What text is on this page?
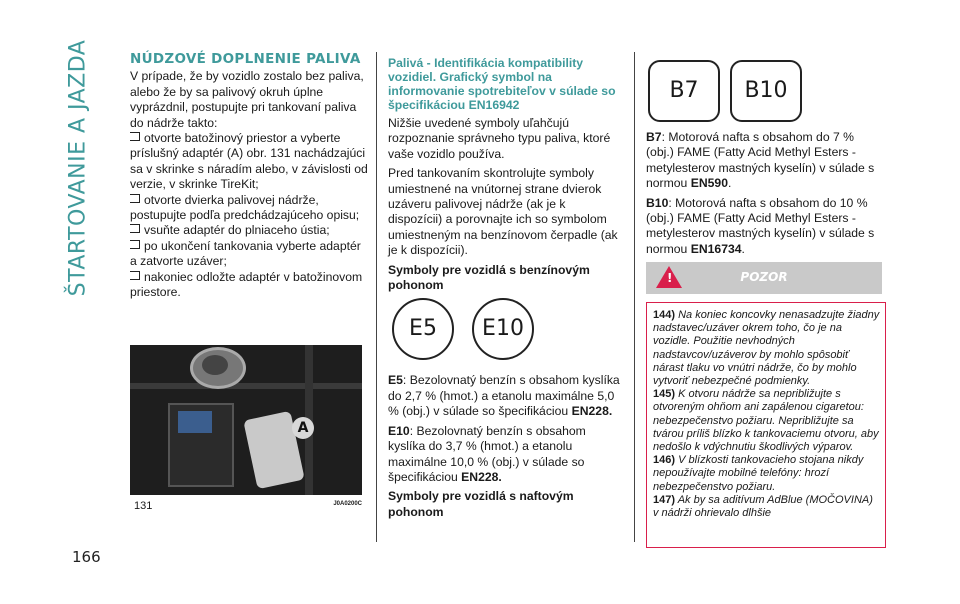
ŠTARTOVANIE A JAZDA
166
NÚDZOVÉ DOPLNENIE PALIVA

V prípade, že by vozidlo zostalo bez paliva, alebo že by sa palivový okruh úplne vyprázdnil, postupujte pri tankovaní paliva do nádrže takto:

otvorte batožinový priestor a vyberte príslušný adaptér (A) obr. 131 nachádzajúci sa v skrinke s náradím alebo, v závislosti od verzie, v skrinke TireKit;

otvorte dvierka palivovej nádrže, postupujte podľa predchádzajúceho opisu;

vsuňte adaptér do plniaceho ústia;

po ukončení tankovania vyberte adaptér a zatvorte uzáver;

nakoniec odložte adaptér v batožinovom priestore.

A
131	J0A0200C

Palivá - Identifikácia kompatibility vozidiel. Grafický symbol na informovanie spotrebiteľov v súlade so špecifikáciou EN16942

Nižšie uvedené symboly uľahčujú rozpoznanie správneho typu paliva, ktoré vaše vozidlo používa.

Pred tankovaním skontrolujte symboly umiestnené na vnútornej strane dvierok uzáveru palivovej nádrže (ak je k dispozícii) a porovnajte ich so symbolom umiestneným na benzínovom čerpadle (ak je k dispozícii).

Symboly pre vozidlá s benzínovým pohonom

E5: Bezolovnatý benzín s obsahom kyslíka do 2,7 % (hmot.) a etanolu maximálne 5,0 % (obj.) v súlade so špecifikáciou EN228.

E10: Bezolovnatý benzín s obsahom kyslíka do 3,7 % (hmot.) a etanolu maximálne 10,0 % (obj.) v súlade so špecifikáciou EN228.

Symboly pre vozidlá s naftovým pohonom

E5	E10
B7	B10

B7: Motorová nafta s obsahom do 7 % (obj.) FAME (Fatty Acid Methyl Esters - metylesterov mastných kyselín) v súlade s normou EN590.

B10: Motorová nafta s obsahom do 10 % (obj.) FAME (Fatty Acid Methyl Esters - metylesterov mastných kyselín) v súlade s normou EN16734.

!	POZOR

144) Na koniec koncovky nenasadzujte žiadny nadstavec/uzáver okrem toho, čo je na vozidle. Použitie nevhodných nadstavcov/uzáverov by mohlo spôsobiť nárast tlaku vo vnútri nádrže, čo by mohlo vytvoriť nebezpečné podmienky.

145) K otvoru nádrže sa nepribližujte s otvoreným ohňom ani zapálenou cigaretou: nebezpečenstvo požiaru. Nepribližujte sa tvárou príliš blízko k tankovaciemu otvoru, aby nedošlo k vdýchnutiu škodlivých výparov.

146) V blízkosti tankovacieho stojana nikdy nepoužívajte mobilné telefóny: hrozí nebezpečenstvo požiaru.

147) Ak by sa aditívum AdBlue (MOČOVINA) v nádrži ohrievalo dlhšie
